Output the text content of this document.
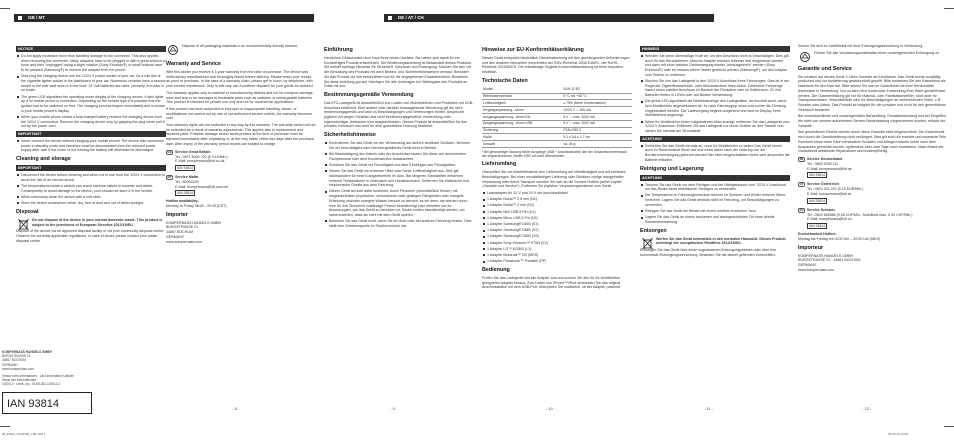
GB / MT
NOTICE
Do not apply excessive force thus avoiding damage to the connector. This also applies when removing the connector. Many adapters have to be plugged in with a great amount of force and then 'unplugged' using a slight rotation (Sony Ericsson®) or small buttons have to be pressed (Samsung®) to remove the adapter from the phone.
Now plug the charging device into the 12/24 V power socket of your car. As a rule this is the cigarette lighter socket in the dashboard of your car. Numerous vehicles have a second socket in the rear seat area or in the boot. 24 Volt batteries are used, primarily, in trucks or on boats.
The green LED signalises the operating mode display of the charging device. It also lights up if no mobile phone is connected. Depending on the vehicle type it is possible that the ignition has to be switched on first. The charging process begins immediately and is shown in your mobile phone's display.
When your mobile phone shows a fully charged battery remove the charging device from the 12/24 V connection. Remove the charging device only by gripping the plug never pull it out by the power cord.
IMPORTANT
Never connect the device without charging your mobile phone! The device also consumes power in standby mode and therefore must be disconnected from the onboard power supply after use! If the motor is not running the battery will otherwise be discharged.
Cleaning and storage
IMPORTANT
Disconnect the device before cleaning and when not in use from the 12/24 V connection to avoid the risk of an electric shock.
The temperatures inside a vehicle can reach extreme values in summer and winter. Consequently to avoid damage to the device, your should not store it in the vehicle.
When necessary clean the device with a soft cloth.
Store the device somewhere clean, dry, free of dust and out of direct sunlight.
Disposal

Do not dispose of the device in your normal domestic waste. This product is subject to the provisions of European Directive 2012/19/EU.

Dispose of the device via an approved disposal facility or via your community disposal centre. Observe the currently applicable regulations. In case of doubt, please contact your waste disposal centre.

KOMPERNASS HANDELS GMBH
BURGSTRASSE 21
44867 BOCHUM
GERMANY
www.kompernass.com
Version des informations · Last Information Update
Stand der Informationen:
10/2013 · Ident.-No.: SLM11B2-102013-2
IAN 93814
IB_93814_SLM11B2_LB4.indd 1
- 7 -

Dispose of all packaging materials in an environmentally friendly manner.

Warranty and Service

With this device you receive a 3 year warranty from the date of purchase. The device was meticulously manufactured and thoroughly tested before delivery. Please retain your receipt as proof of purchase. In the case of a warranty claim, please get in touch, by telephone, with your service department. Only in this way can a postfree dispatch for your goods be assured.

The warranty applies only to material or manufacturing defects and not for transport damage, wear and tear or for damages to breakable parts such as switches or rechargeable batteries. This product is intended for private use only and not for commercial applications.

If this product has been subjected to improper or inappropriate handling, abuse, or modifications not carried out by one of our authorized service outlets, the warranty becomes void.

Your statutory rights are not restricted in any way by this warranty. The warranty period will not be extended as a result of warranty adjustments. This applies also to replacement and repaired parts. Possible damage and/or faults present at the time of purchase must be reported immediately after unpacking or, at the very latest, within two days after the purchase date. After expiry of the warranty period repairs are subject to charge.

GB Service Great Britain
Tel.: 0871 5000 720 (£ 0.10/Min.)
E-Mail: kompernass@lidl.co.uk
IAN 93814
MT Service Malta
Tel.: 80062230
E-Mail: kompernass@lidl.com.mt
IAN 93814
Hotline availability:
Monday to Friday 08:00 - 20:00 (CET)
Importer
KOMPERNASS HANDELS GMBH
BURGSTRASSE 21
44867 BOCHUM
GERMANY
www.kompernass.com
- 8 -
DE / AT / CH
Einführung

Herzlichen Glückwunsch zum Kauf Ihres neuen Gerätes. Sie haben sich damit für ein hochwertiges Produkt entschieden. Die Bedienungsanleitung ist Bestandteil dieses Produkts. Sie enthält wichtige Hinweise für Sicherheit, Gebrauch und Entsorgung. Machen Sie sich vor der Benutzung des Produkts mit allen Bedien- und Sicherheitshinweisen vertraut. Benutzen Sie das Produkt nur wie beschrieben und für die angegebenen Einsatzbereiche. Bewahren Sie diese Anleitung gut auf. Händigen Sie alle Unterlagen bei Weitergabe des Produkts an Dritte mit aus.

Bestimmungsgemäße Verwendung

Das KFZ-Ladegerät ist ausschließlich zum Laden von Mobiltelefonen und Produkten mit USB-Anschluss bestimmt. Eine andere oder darüber hinausgehende Benutzung gilt als nicht bestimmungsgemäß und kann zu Beschädigungen und Verletzungen führen. Ansprüche jeglicher Art wegen Schäden aus nicht bestimmungsgemäßer Verwendung oder eigenmächtiger Umbauten sind ausgeschlossen. Dieses Produkt ist ausschließlich für den privaten Gebrauch und nicht für eine gewerbliche Nutzung bestimmt.

Sicherheitshinweise
Kontrollieren Sie das Gerät vor der Verwendung auf äußere sichtbare Schäden. Nehmen Sie ein beschädigtes oder heruntergefallenes Gerät nicht in Betrieb.
Bei Beschädigung des Kabels oder der Anschlüsse lassen Sie diese von autorisiertem Fachpersonal oder dem Kundenservice austauschen.
Schützen Sie das Gerät vor Feuchtigkeit und dem Eindringen von Flüssigkeiten.
Setzen Sie das Gerät nie extremer Hitze oder hoher Luftfeuchtigkeit aus. Dies gilt insbesondere für einen Langzeitbetrieb im Auto. Bei längeren Standzeiten entstehen extreme Temperaturen in Innenraum und Handschuhfach. Entfernen Sie elektrische und elektronische Geräte aus dem Fahrzeug.
Dieses Gerät ist nicht dafür bestimmt, durch Personen (einschließlich Kinder) mit eingeschränkten physischen, sensorischen oder geistigen Fähigkeiten oder mangels Erfahrung und/oder mangels Wissen benutzt zu werden, es sei denn, sie werden durch eine für ihre Sicherheit zuständige Person beaufsichtigt oder erhielten von ihr Anweisungen, wie das Gerät zu benutzen ist. Kinder sollten beaufsichtigt werden, um sicherzustellen, dass sie nicht mit dem Gerät spielen.
Benutzen Sie das Gerät nicht, wenn Sie ein Auto oder ein anderes Fahrzeug lenken. Dies stellt eine Gefahrenquelle im Straßenverkehr dar.
- 9 -
Hinweise zur EU-Konformitätserklärung

Dieses Gerät entspricht hinsichtlich Übereinstimmung mit den grundlegenden Anforderungen und den anderen relevanten Vorschriften der EMV-Richtlinie 2004/108/EC, der RoHS-Richtlinie 2011/65/EU. Die vollständige Original-Konformitätserklärung ist beim Importeur erhältlich.

Technische Daten
Modell	SLM 11 B2
Betriebstemperatur	5 °C bis +45 °C
Luftfeuchtigkeit	≤ 75% (keine Kondensation)
Eingangsspannung, -strom	12/24 V ⎓ 900 mA
Ausgangsspannung, -strom Kfz	5 V ⎓ max. 1000 mA
Ausgangsspannung, -strom USB	5 V ⎓ max. 1000 mA
Sicherung	F2AL/250 V
Maße	9,1 x 3,6 x 2,7 cm
Gewicht	ca. 45 g

* Bei gleichzeitiger Nutzung beider Ausgänge (USB + Anschlusskabel) darf der Gesamtstromverbrauch der angeschlossenen Geräte 1000 mA nicht überschreiten.

Lieferumfang

Überprüfen Sie vor Inbetriebnahme den Lieferumfang auf Vollständigkeit und auf sichtbare Beschädigungen. Bei einer unvollständigen Lieferung oder Schäden infolge mangelhafter Verpackung oder durch Transport wenden Sie sich an die Service-Hotline (siehe Kapitel „Garantie und Service"). Entfernen Sie jeglichen Verpackungsmaterial vom Gerät.

Ladeadapter für 12 V und 24 V mit Anschlusskabel
1 Adapter Nokia™ 2,5 mm (N1)
1 Adapter Nokia™ 2 mm (N2)
1 Adapter Mini USB 5 Pin (U1)
1 Adapter Micro USB 5 Pin (U2)
1 Adapter Samsung® D600 (S1)
1 Adapter Samsung® D880 (S2)
1 Adapter Samsung® G600 (S3)
1 Adapter Sony Ericsson™ K750i (E2)
1 Adapter LG™ KG800 (L1)
1 Adapter Motorola™ DS (MDS)
1 Adapter Panasonic™ Portable (PP)
Bedienung

Prüfen Sie das Ladegerät und alle Adapter aus und suchen Sie den für Ihr Mobiltelefon geeigneten Adapter heraus. Zum Laden von iPhone™/iPod verwenden Sie das original Anschlusskabel mit dem USB-Port. Überprüfen Sie zusätzlich, ob der Adapter passend

- 10 -
HINWEIS
Wenden Sie keine übermäßige Kraft an, um den Anschluss nicht zu beschädigen. Dies gilt auch für das Herausziehen. Manche Adapter müssen teilweise fest eingesteckt werden und dann mit einer leichten Drehbewegung wieder „herausgedreht" werden (Sony Ericsson®) oder es müssen kleine Tasten gedrückt werden (Samsung®), um den Adapter vom Telefon zu entfernen.
Stecken Sie nun das Ladegerät in den 12/24 V Anschluss Ihres Fahrzeuges. Dies ist in der Regel der Zigarettenanzünder- oder Aktivanschluss Ihres Autos. Zahlreiche Fahrzeuge haben einen zweiten Anschluss im Bereich der Rücksitze oder im Kofferraum. 24 Volt Batterien finden in LKWs oder auf Booten Verwendung.
Die grüne LED signalisiert die Betriebsanzeige des Ladegerätes, sie leuchtet auch, wenn kein Mobiltelefon angeschlossen ist. Je nach Fahrzeugtyp muss erst vorher die Zündung eingeschaltet werden. Der Ladevorgang beginnt umgehend und wird im Display Ihres Mobiltelefons angezeigt.
Wenn Ihr Mobiltelefon einen vollgeladenen Akku anzeigt, entfernen Sie das Ladegerät vom 12/24 V Anschluss. Entfernen Sie das Ladegerät nur durch Greifen an den Stecker und ziehen Sie niemals am Stromkabel.
ACHTUNG
Schließen Sie das Gerät niemals an, ohne Ihr Mobiltelefon zu laden! Das Gerät nimmt auch im Ruhezustand Strom auf und muss daher nach der Nutzung von der Bordstromversorgung getrennt werden! Bei nicht eingeschalteten Motor wird ansonsten die Batterie entladen.
Reinigung und Lagerung
ACHTUNG
Trennen Sie das Gerät vor dem Reinigen und bei Nichtgebrauch vom 12/24 V Anschluss, um das Risiko eines elektrischen Schlages zu vermeiden.
Die Temperaturen in Fahrzeuginnenraum können im Sommer und Winter extreme Werte erreichen. Lagern Sie das Gerät deshalb nicht im Fahrzeug, um Beschädigungen zu vermeiden.
Reinigen Sie das Gerät bei Bedarf mit einem weichen trockenen Tuch.
Lagern Sie das Gerät an einem trockenen und staubgeschützten Ort ohne direkte Sonneneinstrahlung.
Entsorgen

Werfen Sie das Gerät keinesfalls in den normalen Hausmüll. Dieses Produkt unterliegt der europäischen Richtlinie 2012/19/EU.

Entsorgen Sie das Gerät über einen zugelassenen Entsorgungsbetrieb oder über Ihre kommunale Entsorgungseinrichtung. Beachten Sie die aktuell geltenden Vorschriften.

- 11 -

Setzen Sie sich im Zweifelsfall mit Ihrer Entsorgungseinrichtung in Verbindung.

Führen Sie alle Verpackungsmaterialien einer umweltgerechten Entsorgung zu.

Garantie und Service

Sie erhalten auf dieses Gerät 3 Jahre Garantie ab Kaufdatum. Das Gerät wurde sorgfältig produziert und vor Auslieferung gewissenhaft geprüft. Bitte bewahren Sie den Kassenbon als Nachweis für den Kauf auf. Bitte setzen Sie sich im Garantiefall mit Ihrer Servicestelle telefonisch in Verbindung. Nur so kann eine kostenlose Einsendung Ihrer Ware gewährleistet werden. Die Garantieleistung gilt nur für Material- oder Fabrikationsfehler, nicht aber für Transportschäden, Verschleißteile oder für Beschädigungen an zerbrechlichen Teilen, z.B. Schalter oder Akkus. Das Produkt ist lediglich für den privaten und nicht für den gewerblichen Gebrauch bestimmt.

Bei missbräuchlicher und unsachgemäßer Behandlung, Gewaltanwendung und bei Eingriffen, die nicht von unserer autorisierten Service-Niederlassung vorgenommen wurden, erlischt die Garantie.

Ihre gesetzlichen Rechte werden durch diese Garantie nicht eingeschränkt. Die Garantiezeit wird durch die Gewährleistung nicht verlängert. Dies gilt auch für ersetzte und reparierte Teile. Eventuell schon beim Kauf vorhandene Schäden und Mängel müssen sofort nach dem Auspacken gemeldet werden, spätestens aber zwei Tage nach Kaufdatum. Nach Ablauf der Garantiezeit anfallende Reparaturen sind kostenpflichtig.

DE Service Deutschland
Tel.: 0800 5435 111
E-Mail: kompernass@lidl.de
IAN 93814
AT Service Österreich
Tel.: 0820 201 222 (0,15 EUR/Min.)
E-Mail: kompernass@lidl.at
IAN 93814
CH Service Schweiz
Tel.: 0842 665566 (0,08 CHF/Min., Mobilfunk max. 0,40 CHF/Min.)
E-Mail: kompernass@lidl.ch
IAN 93814
Erreichbarkeit Hotline:
Montag bis Freitag von 8:00 Uhr – 20:00 Uhr (MEZ)
Importeur
KOMPERNASS HANDELS GMBH
BURGSTRASSE 21 · 44867 BOCHUM
GERMANY
www.kompernass.com
- 12 -
30.10.13 14:30
